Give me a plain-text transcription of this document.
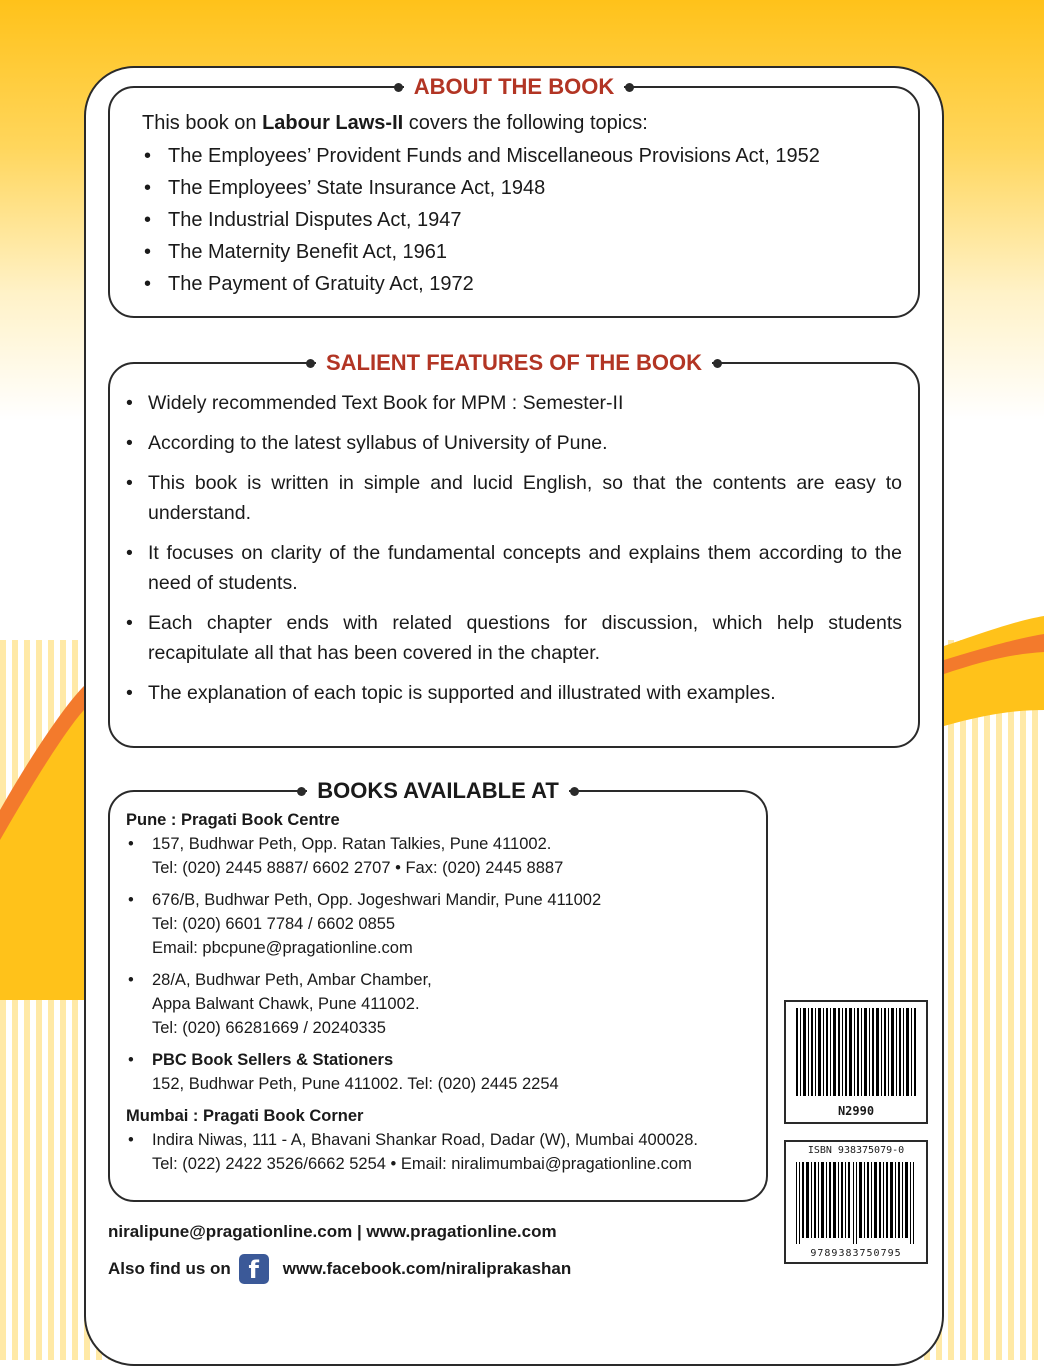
ABOUT THE BOOK
This book on Labour Laws-II covers the following topics:
• The Employees’ Provident Funds and Miscellaneous Provisions Act, 1952
• The Employees’ State Insurance Act, 1948
• The Industrial Disputes Act, 1947
• The Maternity Benefit Act, 1961
• The Payment of Gratuity Act, 1972
SALIENT FEATURES OF THE BOOK
• Widely recommended Text Book for MPM : Semester-II
• According to the latest syllabus of University of Pune.
• This book is written in simple and lucid English, so that the contents are easy to understand.
• It focuses on clarity of the fundamental concepts and explains them according to the need of students.
• Each chapter ends with related questions for discussion, which help students recapitulate all that has been covered in the chapter.
• The explanation of each topic is supported and illustrated with examples.
BOOKS AVAILABLE AT
Pune : Pragati Book Centre
• 157, Budhwar Peth, Opp. Ratan Talkies, Pune 411002.
Tel: (020) 2445 8887/ 6602 2707 • Fax: (020) 2445 8887
• 676/B, Budhwar Peth, Opp. Jogeshwari Mandir, Pune 411002
Tel: (020) 6601 7784 / 6602 0855
Email: pbcpune@pragationline.com
• 28/A, Budhwar Peth, Ambar Chamber,
Appa Balwant Chawk, Pune 411002.
Tel: (020) 66281669 / 20240335
• PBC Book Sellers & Stationers
152, Budhwar Peth, Pune 411002. Tel: (020) 2445 2254
Mumbai : Pragati Book Corner
• Indira Niwas, 111 - A, Bhavani Shankar Road, Dadar (W), Mumbai 400028.
Tel: (022) 2422 3526/6662 5254 • Email: niralimumbai@pragationline.com
niralipune@pragationline.com | www.pragationline.com
Also find us on f	www.facebook.com/niraliprakashan
N2990
ISBN 938375079-0
9789383750795
